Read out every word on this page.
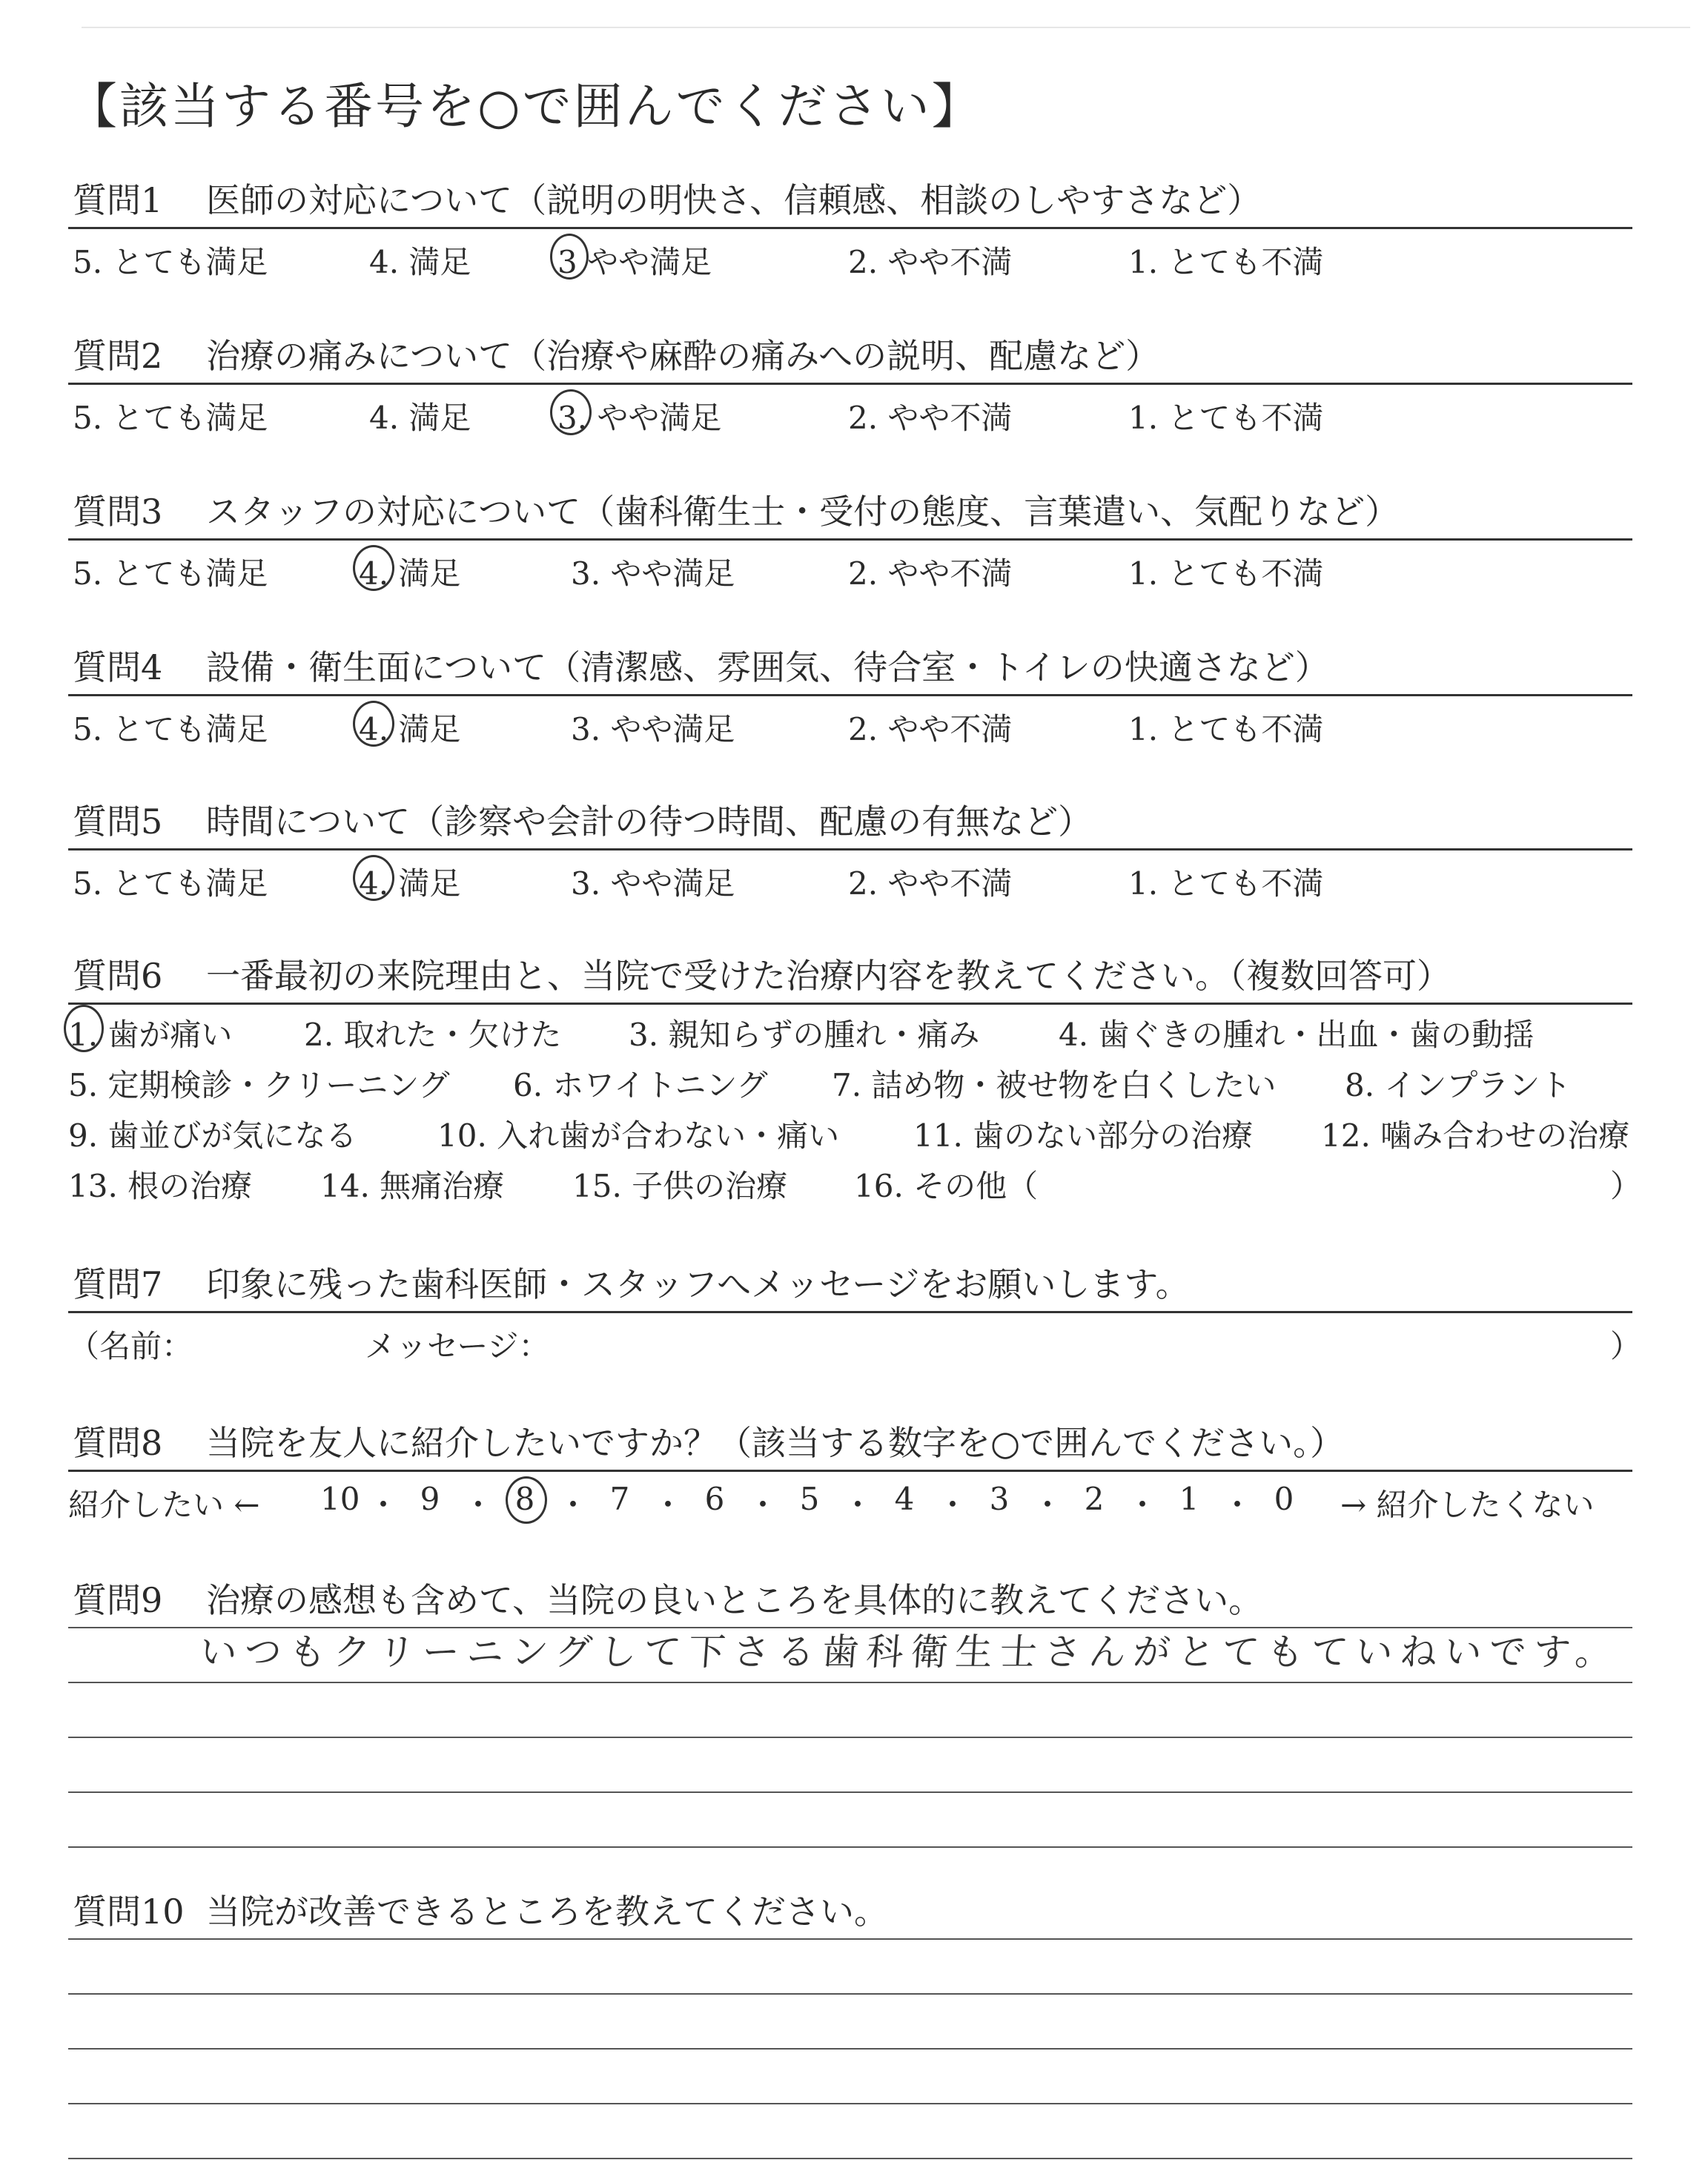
【該当する番号を○で囲んでください】
質問1 医師の対応について（説明の明快さ、信頼感、相談のしやすさなど）
5. とても満足	4. 満足	3 やや満足	2. やや不満	1. とても不満
質問2 治療の痛みについて（治療や麻酔の痛みへの説明、配慮など）
5. とても満足	4. 満足	3. やや満足	2. やや不満	1. とても不満
質問3 スタッフの対応について（歯科衛生士・受付の態度、言葉遣い、気配りなど）
5. とても満足	4. 満足	3. やや満足	2. やや不満	1. とても不満
質問4 設備・衛生面について（清潔感、雰囲気、待合室・トイレの快適さなど）
5. とても満足	4. 満足	3. やや満足	2. やや不満	1. とても不満
質問5 時間について（診察や会計の待つ時間、配慮の有無など）
5. とても満足	4. 満足	3. やや満足	2. やや不満	1. とても不満
質問6 一番最初の来院理由と、当院で受けた治療内容を教えてください。（複数回答可）
1. 歯が痛い 2. 取れた・欠けた 3. 親知らずの腫れ・痛み	4. 歯ぐきの腫れ・出血・歯の動揺
5. 定期検診・クリーニング 6. ホワイトニング 7. 詰め物・被せ物を白くしたい 8. インプラント
9. 歯並びが気になる	10. 入れ歯が合わない・痛い 11. 歯のない部分の治療 12. 噛み合わせの治療
13. 根の治療 14. 無痛治療 15. 子供の治療 16. その他（	）
質問7 印象に残った歯科医師・スタッフへメッセージをお願いします。
（名前：	メッセージ：	）
質問8 当院を友人に紹介したいですか？（該当する数字を○で囲んでください。）
紹介したい ← 10 ・ 9 ・ 8 ・ 7 ・ 6 ・ 5 ・ 4 ・ 3 ・ 2 ・ 1 ・ 0 → 紹介したくない
質問9 治療の感想も含めて、当院の良いところを具体的に教えてください。
いつもクリーニングして下さる歯科衛生士さんがとてもていねいです。
質問10 当院が改善できるところを教えてください。
